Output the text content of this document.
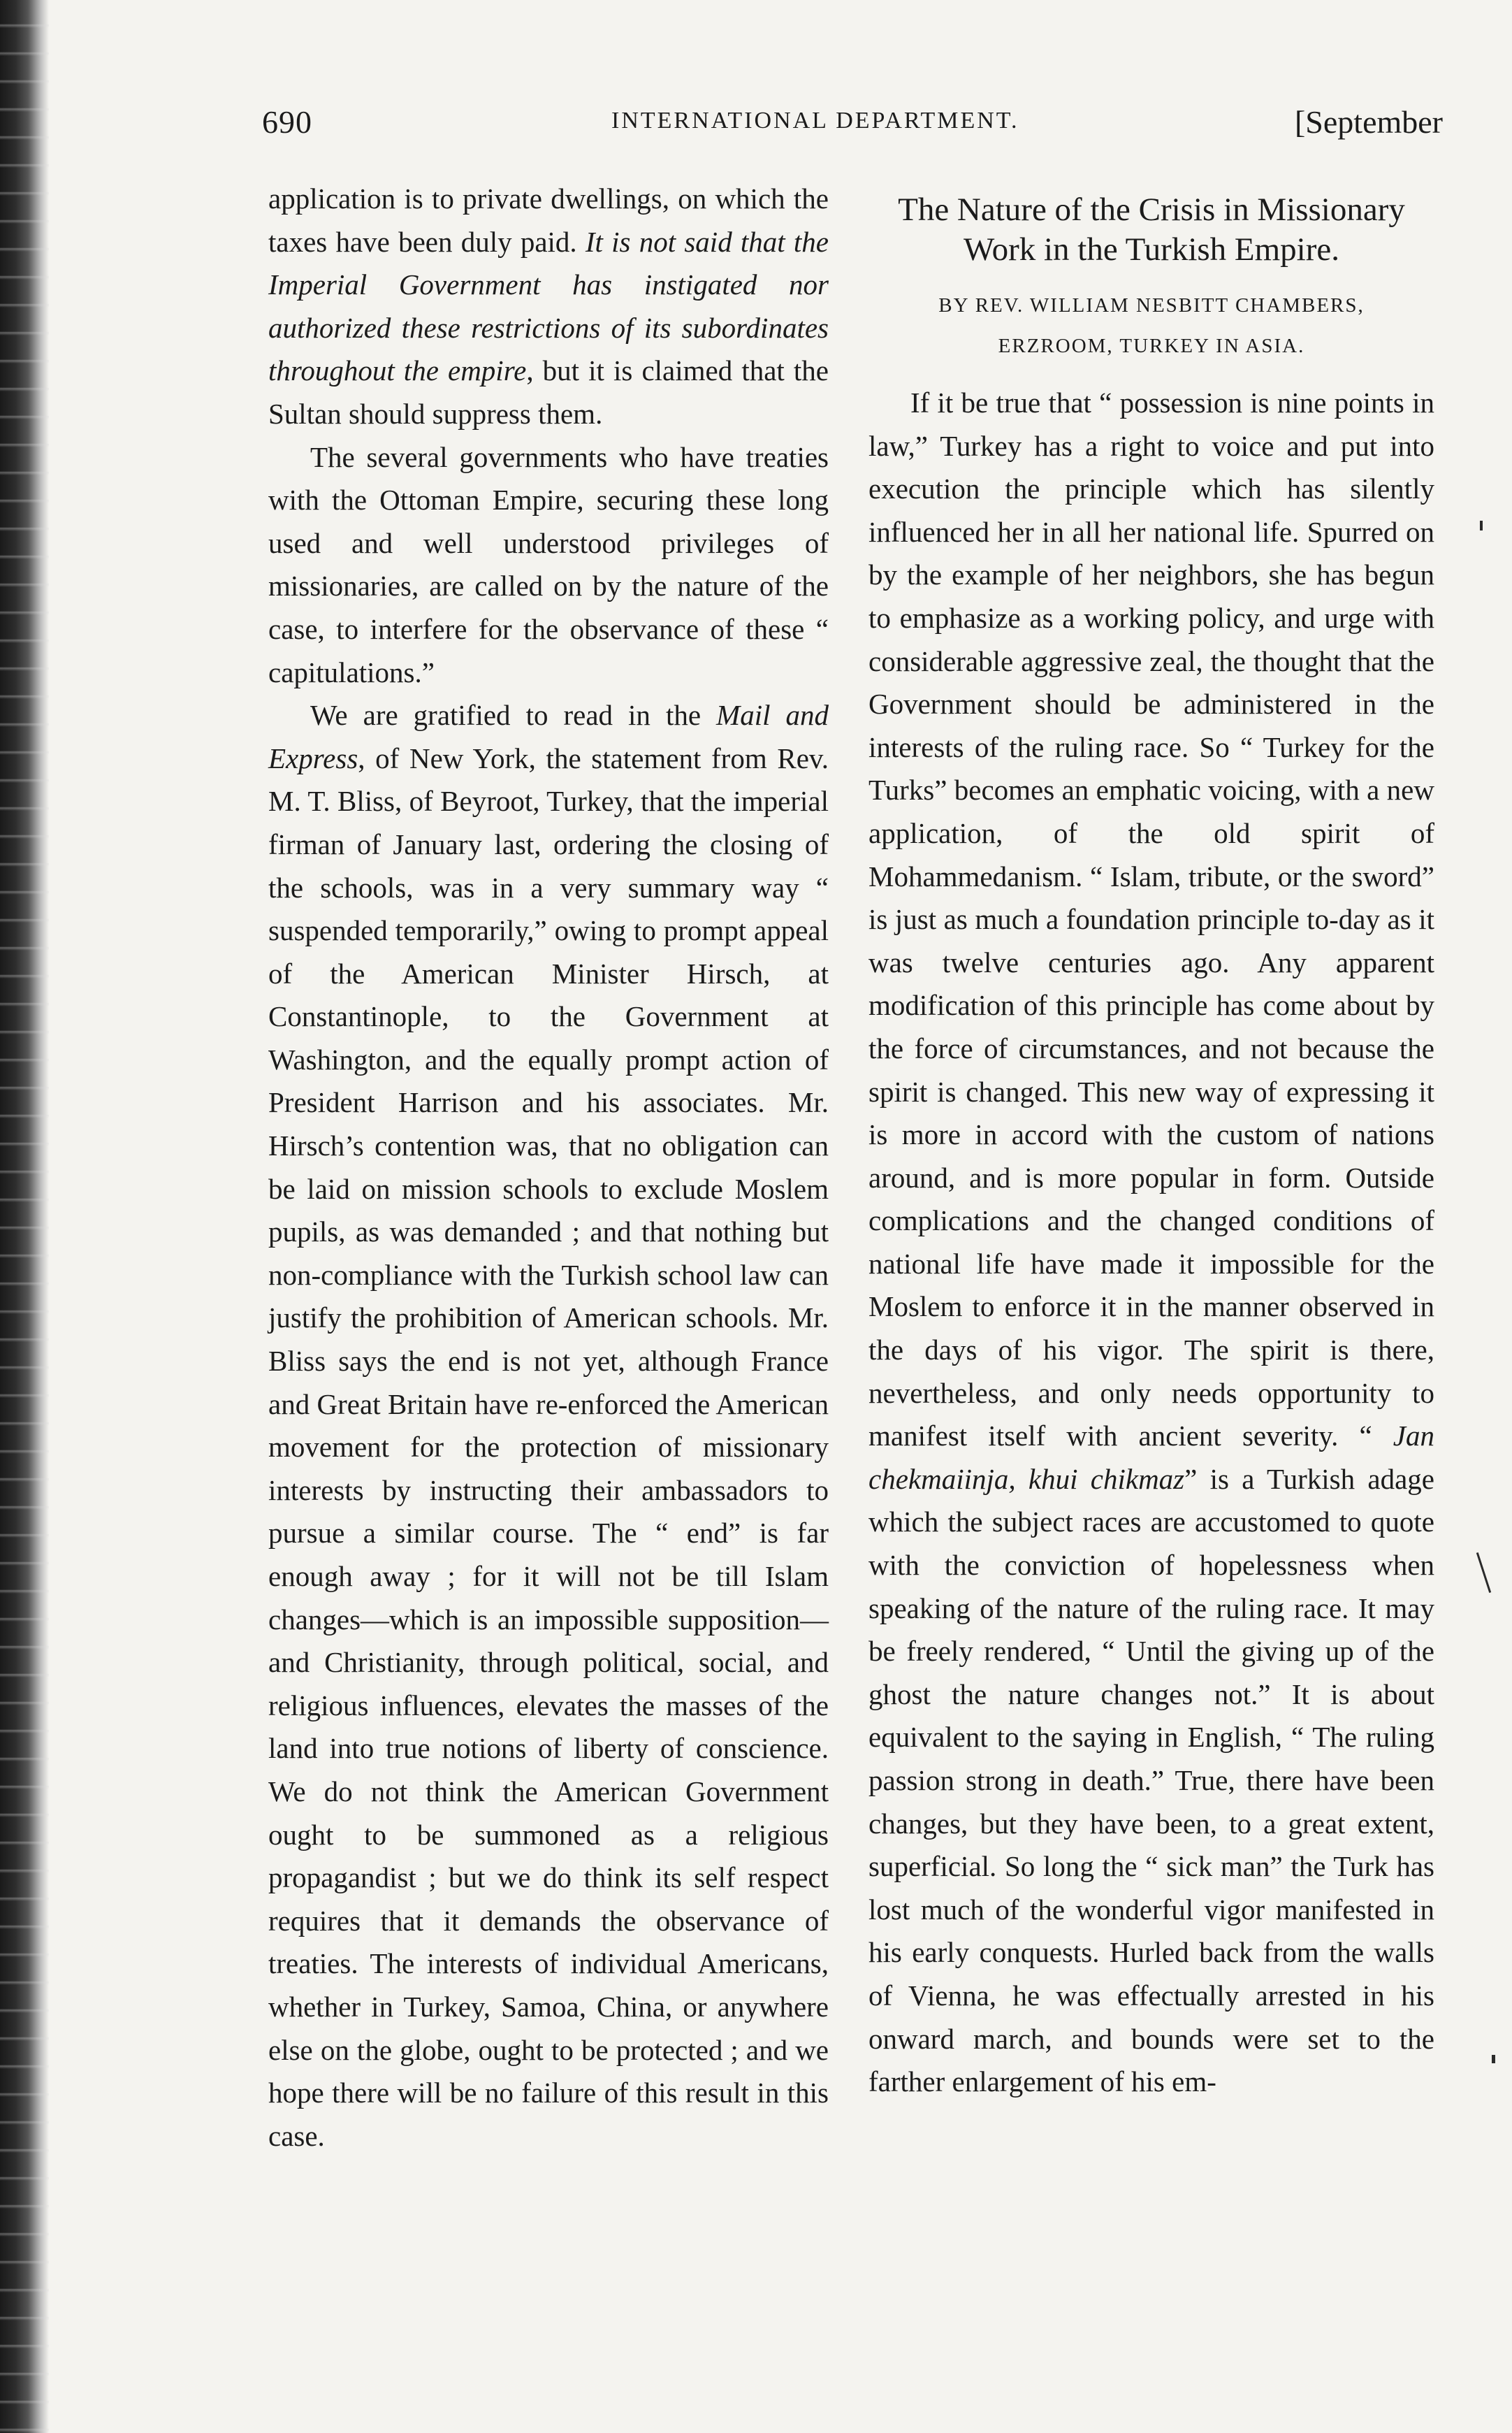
690	INTERNATIONAL DEPARTMENT.	[September

application is to private dwellings, on which the taxes have been duly paid. It is not said that the Imperial Government has instigated nor authorized these restrictions of its subordinates throughout the empire, but it is claimed that the Sultan should suppress them.

The several governments who have treaties with the Ottoman Empire, securing these long used and well understood privileges of missionaries, are called on by the nature of the case, to interfere for the observance of these “ capitulations.”

We are gratified to read in the Mail and Express, of New York, the statement from Rev. M. T. Bliss, of Beyroot, Turkey, that the imperial firman of January last, ordering the closing of the schools, was in a very summary way “ suspended temporarily,” owing to prompt appeal of the American Minister Hirsch, at Constantinople, to the Government at Washington, and the equally prompt action of President Harrison and his associates. Mr. Hirsch’s contention was, that no obligation can be laid on mission schools to exclude Moslem pupils, as was demanded ; and that nothing but non-compliance with the Turkish school law can justify the prohibition of American schools. Mr. Bliss says the end is not yet, although France and Great Britain have re-enforced the American movement for the protection of missionary interests by instructing their ambassadors to pursue a similar course. The “ end” is far enough away ; for it will not be till Islam changes—which is an impossible supposition—and Christianity, through political, social, and religious influences, elevates the masses of the land into true notions of liberty of conscience. We do not think the American Government ought to be summoned as a religious propagandist ; but we do think its self respect requires that it demands the observance of treaties. The interests of individual Americans, whether in Turkey, Samoa, China, or anywhere else on the globe, ought to be protected ; and we hope there will be no failure of this result in this case.

The Nature of the Crisis in Missionary Work in the Turkish Empire.
BY REV. WILLIAM NESBITT CHAMBERS,
ERZROOM, TURKEY IN ASIA.

If it be true that “ possession is nine points in law,” Turkey has a right to voice and put into execution the principle which has silently influenced her in all her national life. Spurred on by the example of her neighbors, she has begun to emphasize as a working policy, and urge with considerable aggressive zeal, the thought that the Government should be administered in the interests of the ruling race. So “ Turkey for the Turks” becomes an emphatic voicing, with a new application, of the old spirit of Mohammedanism. “ Islam, tribute, or the sword” is just as much a foundation principle to-day as it was twelve centuries ago. Any apparent modification of this principle has come about by the force of circumstances, and not because the spirit is changed. This new way of expressing it is more in accord with the custom of nations around, and is more popular in form. Outside complications and the changed conditions of national life have made it impossible for the Moslem to enforce it in the manner observed in the days of his vigor. The spirit is there, nevertheless, and only needs opportunity to manifest itself with ancient severity. “ Jan chekmaiinja, khui chikmaz” is a Turkish adage which the subject races are accustomed to quote with the conviction of hopelessness when speaking of the nature of the ruling race. It may be freely rendered, “ Until the giving up of the ghost the nature changes not.” It is about equivalent to the saying in English, “ The ruling passion strong in death.” True, there have been changes, but they have been, to a great extent, superficial. So long the “ sick man” the Turk has lost much of the wonderful vigor manifested in his early conquests. Hurled back from the walls of Vienna, he was effectually arrested in his onward march, and bounds were set to the farther enlargement of his em-
